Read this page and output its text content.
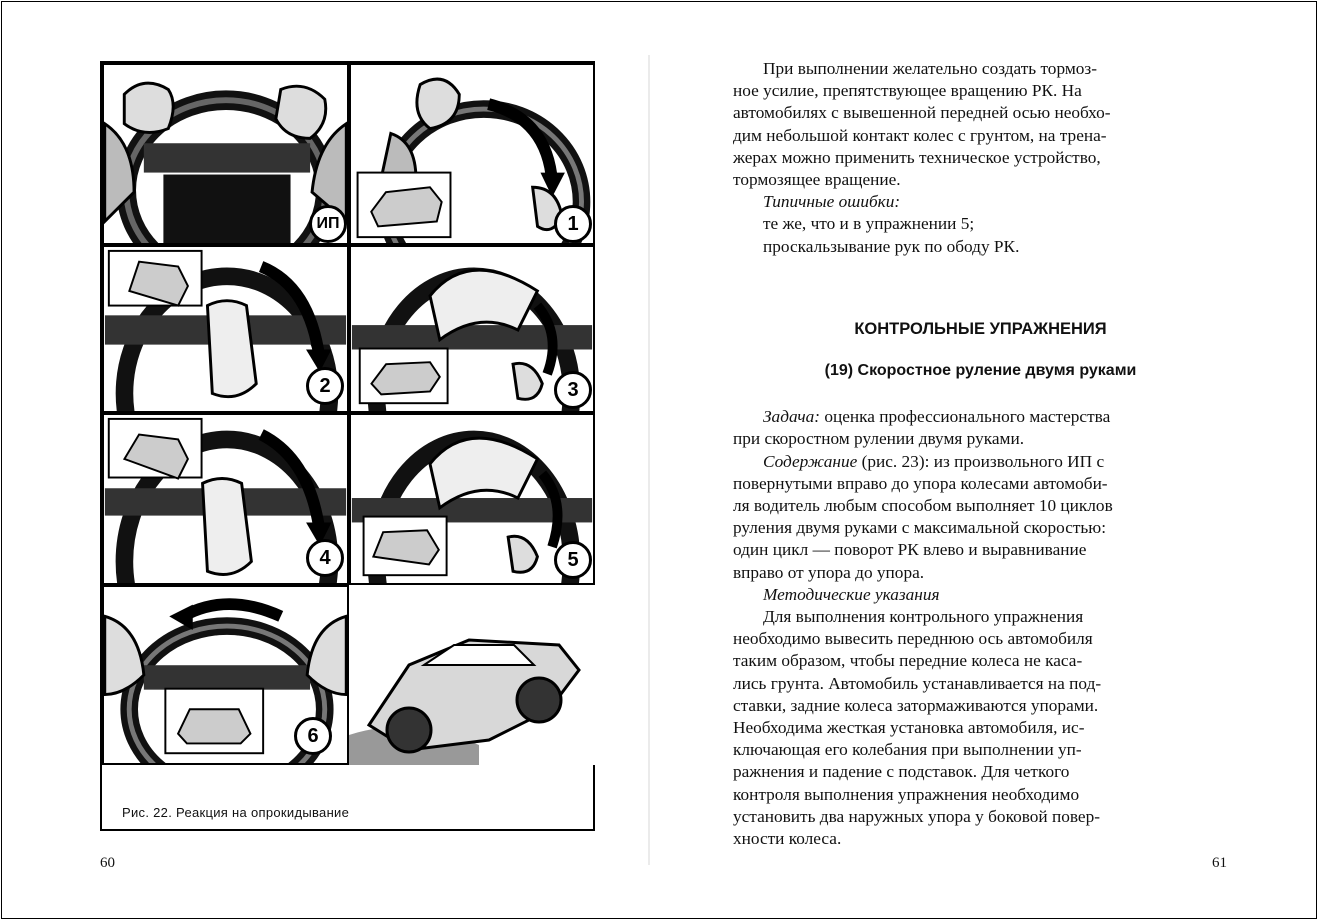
ИП	1
2	3
4	5
6
Рис. 22. Реакция на опрокидывание
60

При выполнении желательно создать тормоз-

ное усилие, препятствующее вращению РК. На
автомобилях с вывешенной передней осью необхо-
дим небольшой контакт колес с грунтом, на трена-
жерах можно применить техническое устройство,
тормозящее вращение.

Типичные ошибки:

те же, что и в упражнении 5;

проскальзывание рук по ободу РК.

КОНТРОЛЬНЫЕ УПРАЖНЕНИЯ

(19) Скоростное руление двумя руками

Задача: оценка профессионального мастерства

при скоростном рулении двумя руками.

Содержание (рис. 23): из произвольного ИП с

повернутыми вправо до упора колесами автомоби-
ля водитель любым способом выполняет 10 циклов
руления двумя руками с максимальной скоростью:
один цикл — поворот РК влево и выравнивание
вправо от упора до упора.

Методические указания

Для выполнения контрольного упражнения

необходимо вывесить переднюю ось автомобиля
таким образом, чтобы передние колеса не каса-
лись грунта. Автомобиль устанавливается на под-
ставки, задние колеса затормаживаются упорами.
Необходима жесткая установка автомобиля, ис-
ключающая его колебания при выполнении уп-
ражнения и падение с подставок. Для четкого
контроля выполнения упражнения необходимо
установить два наружных упора у боковой повер-
хности колеса.

61
